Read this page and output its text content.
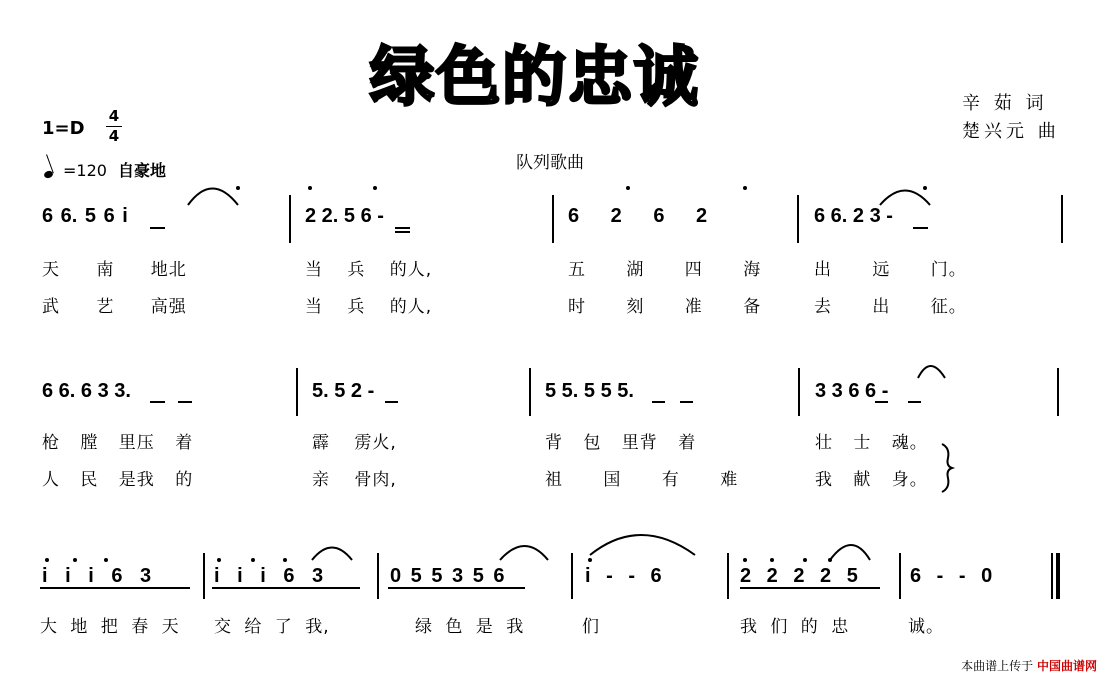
绿色的忠诚
1=D
4
4
=120 自豪地	队列歌曲
辛 茹 词
楚兴元 曲
6 6. 5 6 i	2 2. 5 6 -	6 2 6 2	6 6. 2 3 -
天 南 地北	当 兵 的人,	五 湖 四 海	出 远 门。
武 艺 高强	当 兵 的人,	时 刻 准 备	去 出 征。
6 6. 6 3 3.	5. 5 2 -	5 5. 5 5 5.	3 3 6 6 -
枪 膛 里压 着	霹 雳火,	背 包 里背 着	壮 士 魂。
人 民 是我 的	亲 骨肉,	祖 国 有 难	我 献 身。
i i i 6 3	i i i 6 3	0 5 5 3 5 6	i - - 6	2 2 2 2 5	6 - - 0
大 地 把 春 天 交 给 了 我,	绿 色 是 我	们	我 们 的 忠	诚。
本曲谱上传于 中国曲谱网
